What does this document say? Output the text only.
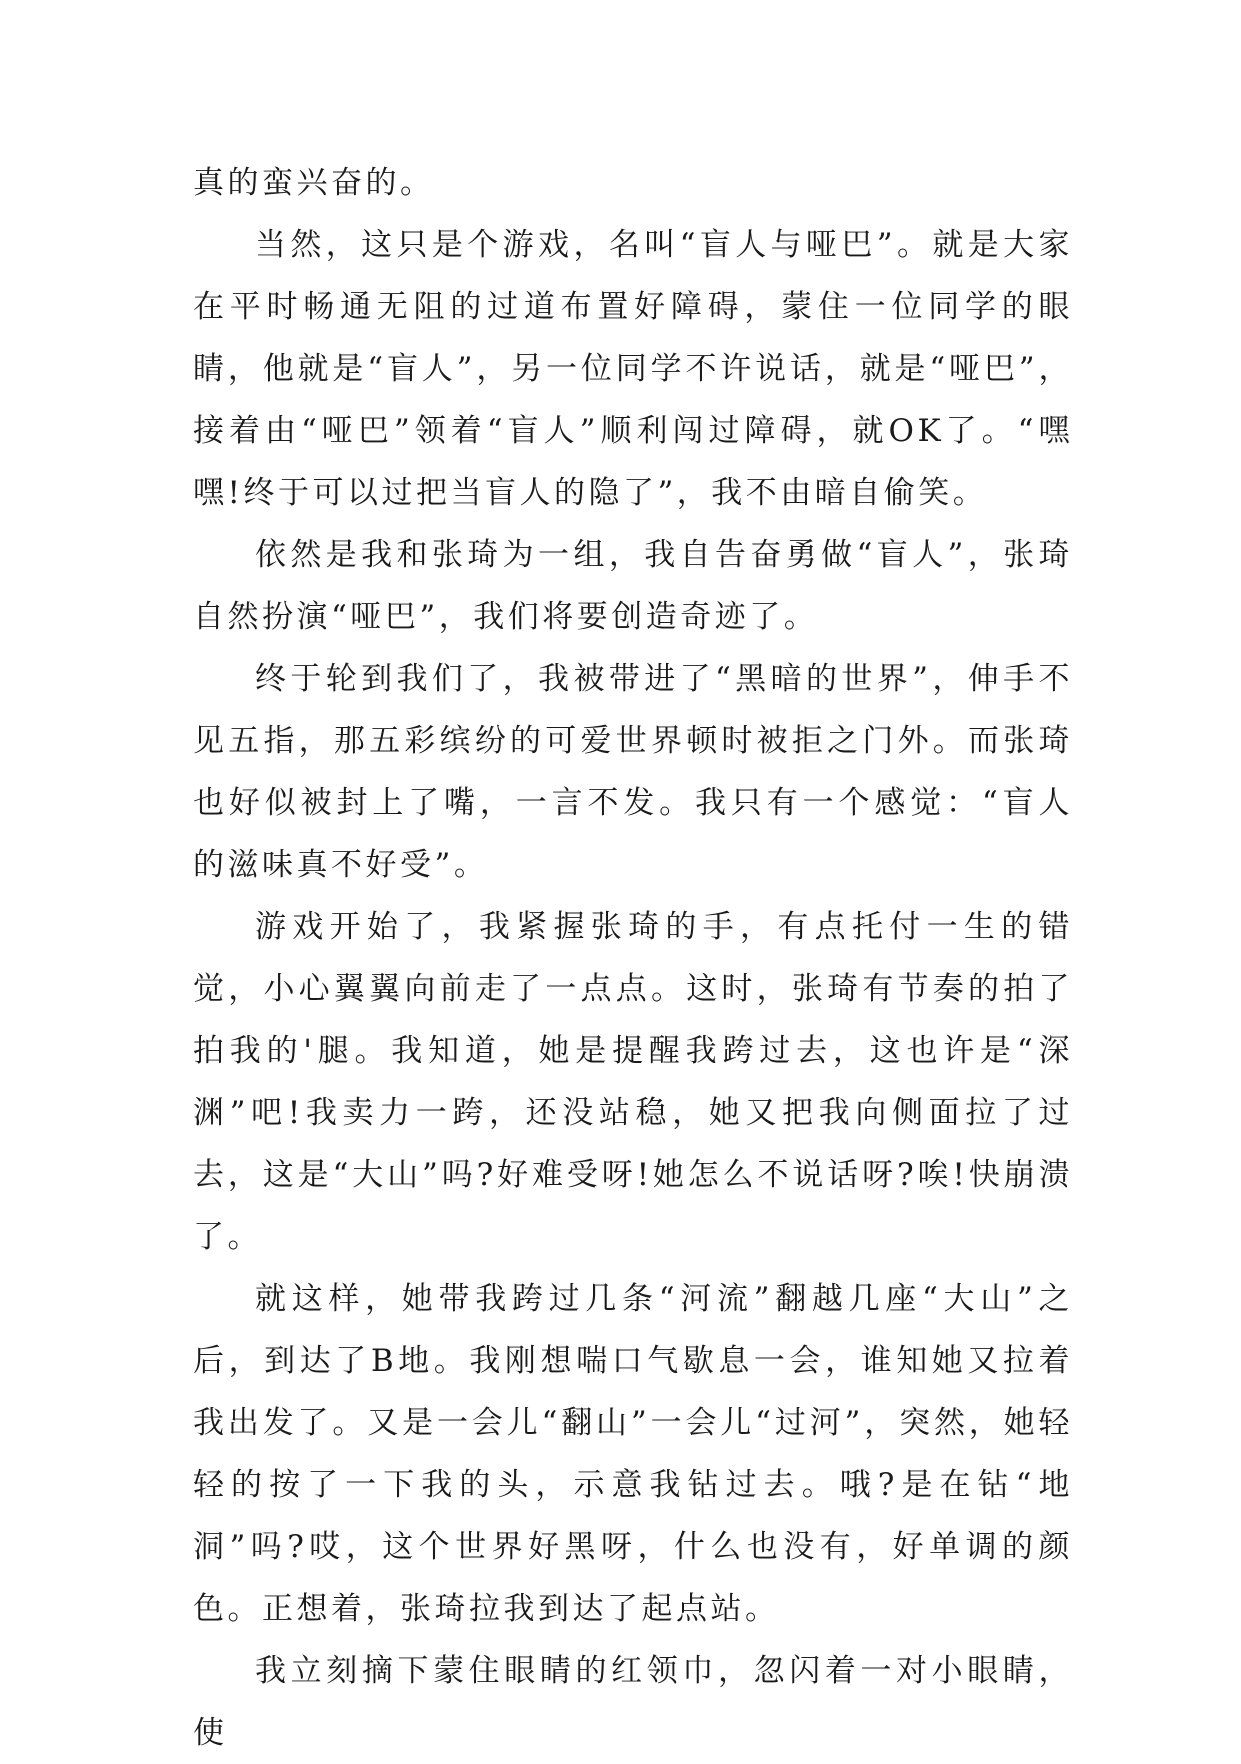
真的蛮兴奋的。

当然，这只是个游戏，名叫“盲人与哑巴”。就是大家在平时畅通无阻的过道布置好障碍，蒙住一位同学的眼睛，他就是“盲人”，另一位同学不许说话，就是“哑巴”， 接着由“哑巴”领着“盲人”顺利闯过障碍，就OK了。“嘿嘿!终于可以过把当盲人的隐了”，我不由暗自偷笑。

依然是我和张琦为一组，我自告奋勇做“盲人”，张琦自然扮演“哑巴”，我们将要创造奇迹了。

终于轮到我们了，我被带进了“黑暗的世界”，伸手不见五指，那五彩缤纷的可爱世界顿时被拒之门外。而张琦也好似被封上了嘴，一言不发。我只有一个感觉：“盲人的滋味真不好受”。

游戏开始了，我紧握张琦的手，有点托付一生的错觉，小心翼翼向前走了一点点。这时，张琦有节奏的拍了拍我的'腿。我知道，她是提醒我跨过去，这也许是“深渊”吧!我卖力一跨，还没站稳，她又把我向侧面拉了过去，这是“大山”吗?好难受呀!她怎么不说话呀?唉!快崩溃了。

就这样，她带我跨过几条“河流”翻越几座“大山”之后，到达了B地。我刚想喘口气歇息一会，谁知她又拉着我出发了。又是一会儿“翻山”一会儿“过河”，突然，她轻轻的按了一下我的头，示意我钻过去。哦?是在钻“地洞”吗?哎，这个世界好黑呀，什么也没有，好单调的颜色。正想着，张琦拉我到达了起点站。

我立刻摘下蒙住眼睛的红领巾，忽闪着一对小眼睛，使
